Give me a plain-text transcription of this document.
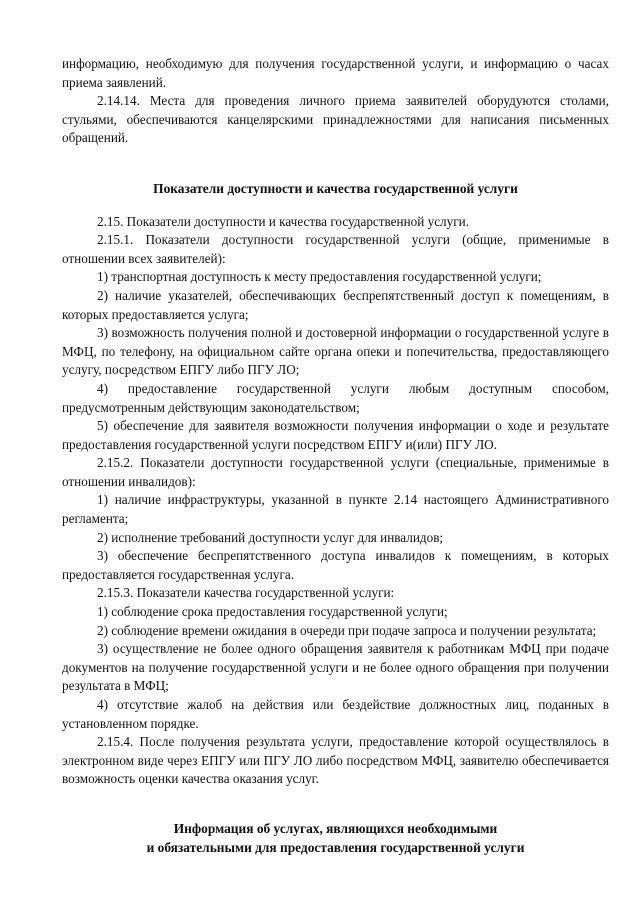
информацию, необходимую для получения государственной услуги, и информацию о часах приема заявлений.

2.14.14. Места для проведения личного приема заявителей оборудуются столами, стульями, обеспечиваются канцелярскими принадлежностями для написания письменных обращений.

Показатели доступности и качества государственной услуги

2.15. Показатели доступности и качества государственной услуги.

2.15.1. Показатели доступности государственной услуги (общие, применимые в отношении всех заявителей):

1) транспортная доступность к месту предоставления государственной услуги;

2) наличие указателей, обеспечивающих беспрепятственный доступ к помещениям, в которых предоставляется услуга;

3) возможность получения полной и достоверной информации о государственной услуге в МФЦ, по телефону, на официальном сайте органа опеки и попечительства, предоставляющего услугу, посредством ЕПГУ либо ПГУ ЛО;

4) предоставление государственной услуги любым доступным способом, предусмотренным действующим законодательством;

5) обеспечение для заявителя возможности получения информации о ходе и результате предоставления государственной услуги посредством ЕПГУ и(или) ПГУ ЛО.

2.15.2. Показатели доступности государственной услуги (специальные, применимые в отношении инвалидов):

1) наличие инфраструктуры, указанной в пункте 2.14 настоящего Административного регламента;

2) исполнение требований доступности услуг для инвалидов;

3) обеспечение беспрепятственного доступа инвалидов к помещениям, в которых предоставляется государственная услуга.

2.15.3. Показатели качества государственной услуги:

1) соблюдение срока предоставления государственной услуги;

2) соблюдение времени ожидания в очереди при подаче запроса и получении результата;

3) осуществление не более одного обращения заявителя к работникам МФЦ при подаче документов на получение государственной услуги и не более одного обращения при получении результата в МФЦ;

4) отсутствие жалоб на действия или бездействие должностных лиц, поданных в установленном порядке.

2.15.4. После получения результата услуги, предоставление которой осуществлялось в электронном виде через ЕПГУ или ПГУ ЛО либо посредством МФЦ, заявителю обеспечивается возможность оценки качества оказания услуг.

Информация об услугах, являющихся необходимыми
и обязательными для предоставления государственной услуги
